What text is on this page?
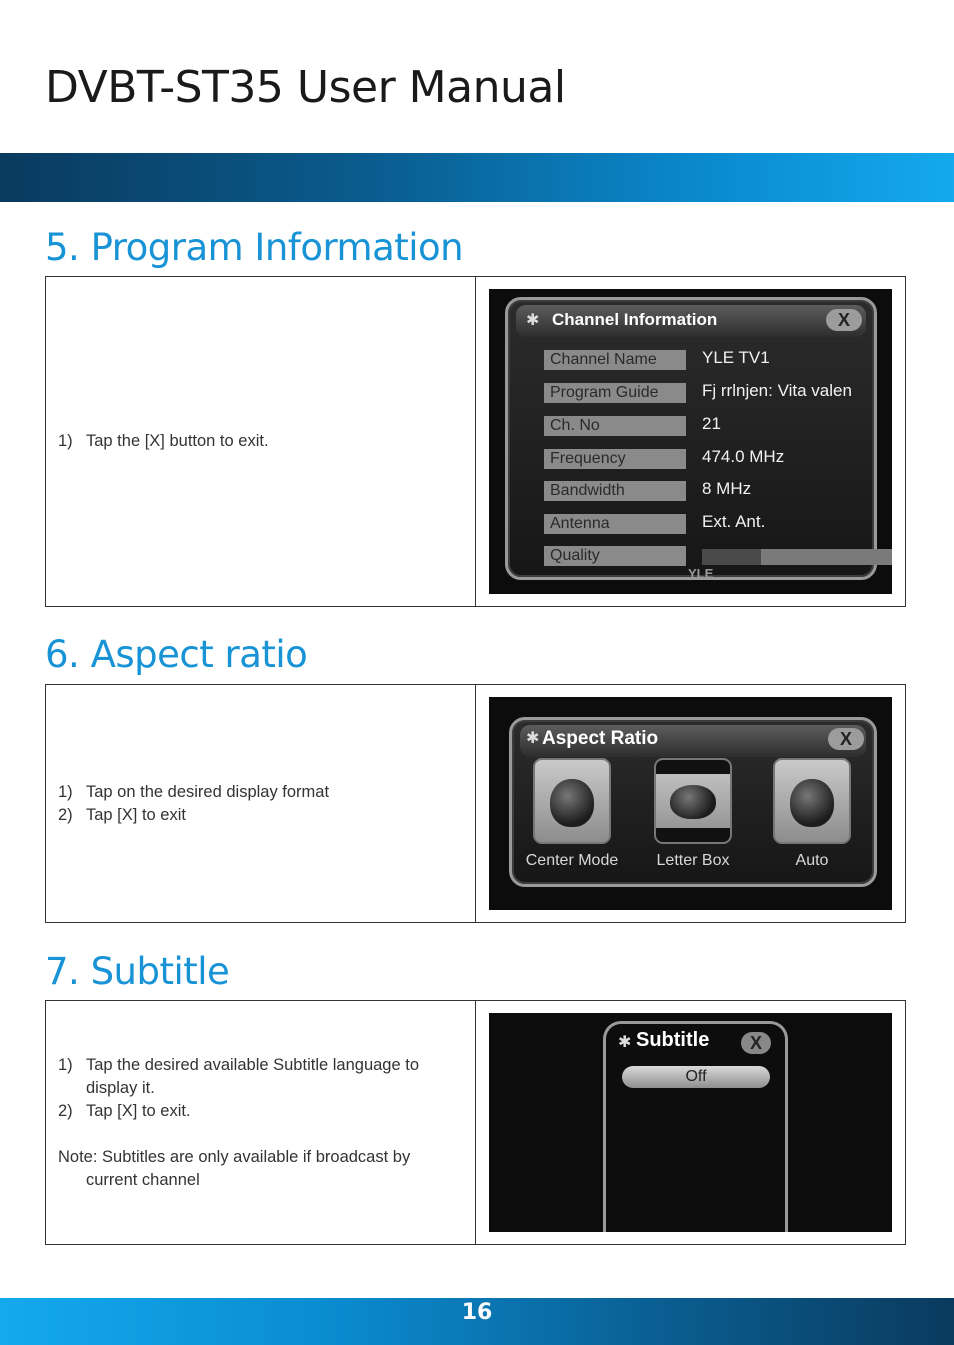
DVBT-ST35 User Manual
5. Program Information
1) Tap the [X] button to exit.
✱ Channel Information	X
Channel Name	YLE TV1
Program Guide	Fj rrlnjen: Vita valen
Ch. No	21
Frequency	474.0 MHz
Bandwidth	8 MHz
Antenna	Ext. Ant.
Quality
YLE
6. Aspect ratio
1) Tap on the desired display format
2) Tap [X] to exit
✱ Aspect Ratio	X
Center Mode	Letter Box	Auto
7. Subtitle
1) Tap the desired available Subtitle language to display it.
2) Tap [X] to exit.
Note: Subtitles are only available if broadcast by
current channel
✱ Subtitle	X
Off
16
